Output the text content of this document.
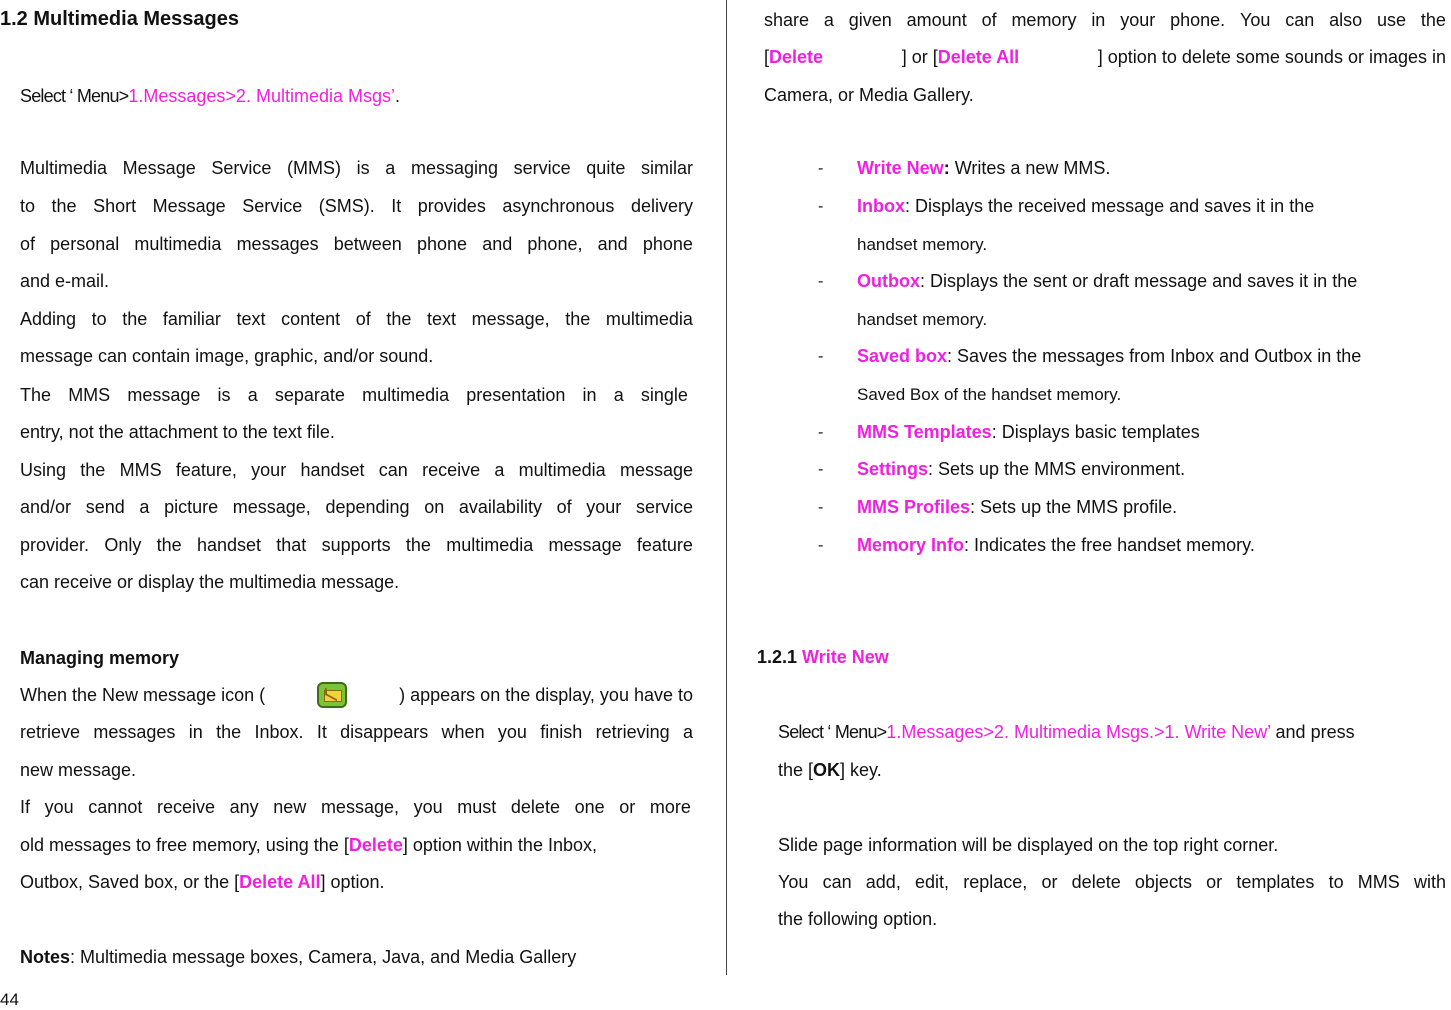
1.2 Multimedia Messages
Select ‘ Menu>1.Messages>2. Multimedia Msgs’.
Multimedia Message Service (MMS) is a messaging service quite similar
to the Short Message Service (SMS). It provides asynchronous delivery
of personal multimedia messages between phone and phone, and phone
and e-mail.
Adding to the familiar text content of the text message, the multimedia
message can contain image, graphic, and/or sound.
The MMS message is a separate multimedia presentation in a single
entry, not the attachment to the text file.
Using the MMS feature, your handset can receive a multimedia message
and/or send a picture message, depending on availability of your service
provider. Only the handset that supports the multimedia message feature
can receive or display the multimedia message.
Managing memory
When the New message icon (	) appears on the display, you have to
retrieve messages in the Inbox. It disappears when you finish retrieving a
new message.
If you cannot receive any new message, you must delete one or more
old messages to free memory, using the [Delete] option within the Inbox,
Outbox, Saved box, or the [Delete All] option.
Notes: Multimedia message boxes, Camera, Java, and Media Gallery
44
share a given amount of memory in your phone. You can also use the
[Delete	] or [Delete All	] option to delete some sounds or images in
Camera, or Media Gallery.
- Write New: Writes a new MMS.
- Inbox: Displays the received message and saves it in the
handset memory.
- Outbox: Displays the sent or draft message and saves it in the
handset memory.
- Saved box: Saves the messages from Inbox and Outbox in the
Saved Box of the handset memory.
- MMS Templates: Displays basic templates
- Settings: Sets up the MMS environment.
- MMS Profiles: Sets up the MMS profile.
- Memory Info: Indicates the free handset memory.
1.2.1 Write New
Select ‘ Menu>1.Messages>2. Multimedia Msgs.>1. Write New’ and press
the [OK] key.
Slide page information will be displayed on the top right corner.
You can add, edit, replace, or delete objects or templates to MMS with
the following option.
